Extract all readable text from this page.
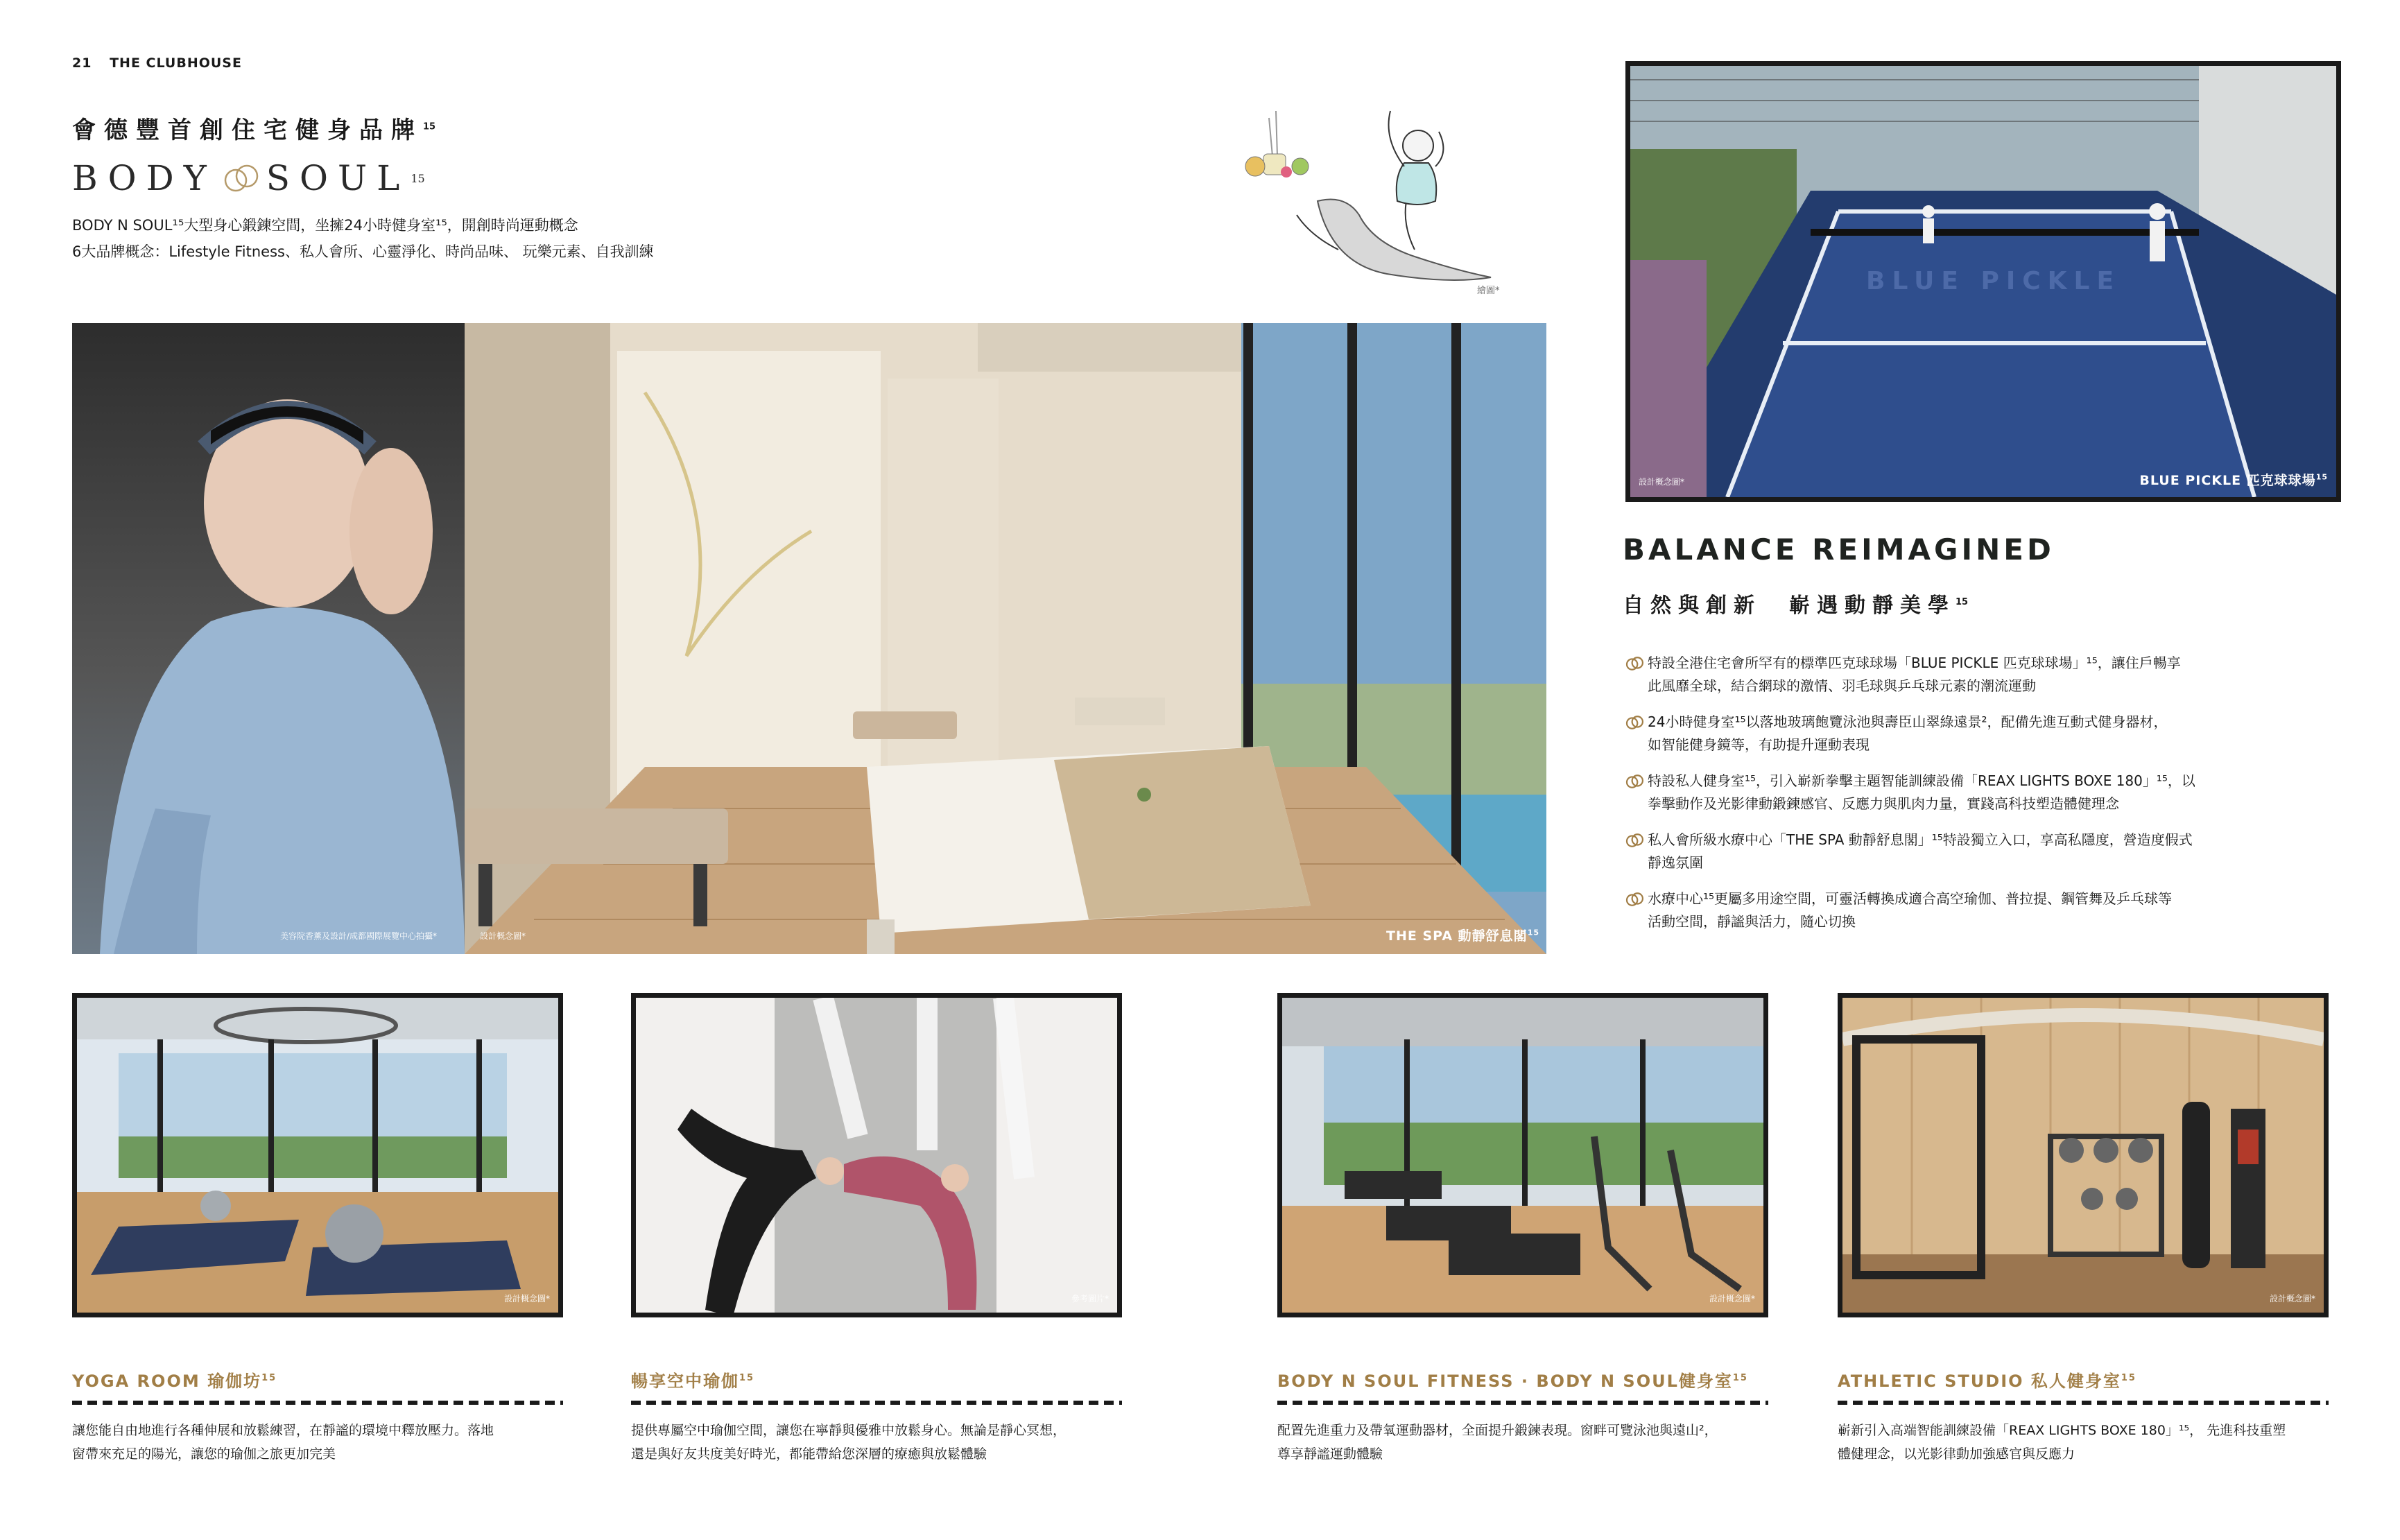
21 THE CLUBHOUSE
會德豐首創住宅健身品牌$^{15}$
BODY SOUL 15
BODY N SOUL¹⁵大型身心鍛鍊空間，坐擁24小時健身室¹⁵，開創時尚運動概念
6大品牌概念：Lifestyle Fitness、私人會所、心靈淨化、時尚品味、 玩樂元素、自我訓練
繪圖*
美容院香薰及設計/成都國際展覽中心拍攝*	設計概念圖*	THE SPA 動靜舒息閣$^{15}$
BLUE PICKLE
設計概念圖*	BLUE PICKLE 匹克球球場$^{15}$
BALANCE REIMAGINED
自然與創新　嶄遇動靜美學$^{15}$
特設全港住宅會所罕有的標準匹克球球場「BLUE PICKLE 匹克球球場」¹⁵，讓住戶暢享
此風靡全球，結合網球的激情、羽毛球與乒乓球元素的潮流運動
24小時健身室¹⁵以落地玻璃飽覽泳池與壽臣山翠綠遠景²，配備先進互動式健身器材，
如智能健身鏡等，有助提升運動表現
特設私人健身室¹⁵，引入嶄新拳擊主題智能訓練設備「REAX LIGHTS BOXE 180」¹⁵，以
拳擊動作及光影律動鍛鍊感官、反應力與肌肉力量，實踐高科技塑造體健理念
私人會所級水療中心「THE SPA 動靜舒息閣」¹⁵特設獨立入口，享高私隱度，營造度假式
靜逸氛圍
水療中心¹⁵更屬多用途空間，可靈活轉換成適合高空瑜伽、普拉提、鋼管舞及乒乓球等
活動空間，靜謐與活力，隨心切換
設計概念圖*	參考圖片*	設計概念圖*	設計概念圖*
YOGA ROOM 瑜伽坊$^{15}$
讓您能自由地進行各種伸展和放鬆練習，在靜謐的環境中釋放壓力。落地
窗帶來充足的陽光，讓您的瑜伽之旅更加完美
暢享空中瑜伽$^{15}$
提供專屬空中瑜伽空間，讓您在寧靜與優雅中放鬆身心。無論是靜心冥想，
還是與好友共度美好時光，都能帶給您深層的療癒與放鬆體驗
BODY N SOUL FITNESS · BODY N SOUL健身室$^{15}$
配置先進重力及帶氧運動器材，全面提升鍛鍊表現。窗畔可覽泳池與遠山²，
尊享靜謐運動體驗
ATHLETIC STUDIO 私人健身室$^{15}$
嶄新引入高端智能訓練設備「REAX LIGHTS BOXE 180」¹⁵， 先進科技重塑
體健理念，以光影律動加強感官與反應力
